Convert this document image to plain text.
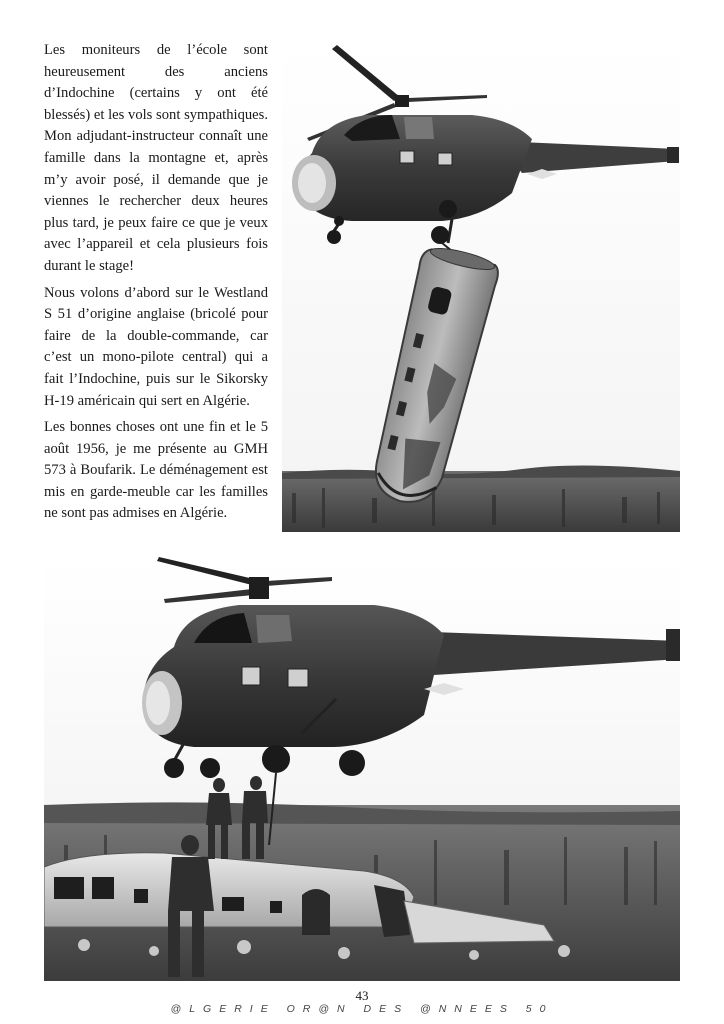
Les moniteurs de l’école sont heureusement des anciens d’Indochine (certains y ont été blessés) et les vols sont sympathiques. Mon adjudant-instructeur connaît une famille dans la montagne et, après m’y avoir posé, il demande que je viennes le rechercher deux heures plus tard, je peux faire ce que je veux avec l’appareil et cela plusieurs fois durant le stage!

Nous volons d’abord sur le Westland S 51 d’origine anglaise (bricolé pour faire de la double-commande, car c’est un mono-pilote central) qui a fait l’Indochine, puis sur le Sikorsky H-19 américain qui sert en Algérie.

Les bonnes choses ont une fin et le 5 août 1956, je me présente au GMH 573 à Boufarik. Le déménagement est mis en garde-meuble car les familles ne sont pas admises en Algérie.

43
@LGERIE OR@N DES @NNEES 50
